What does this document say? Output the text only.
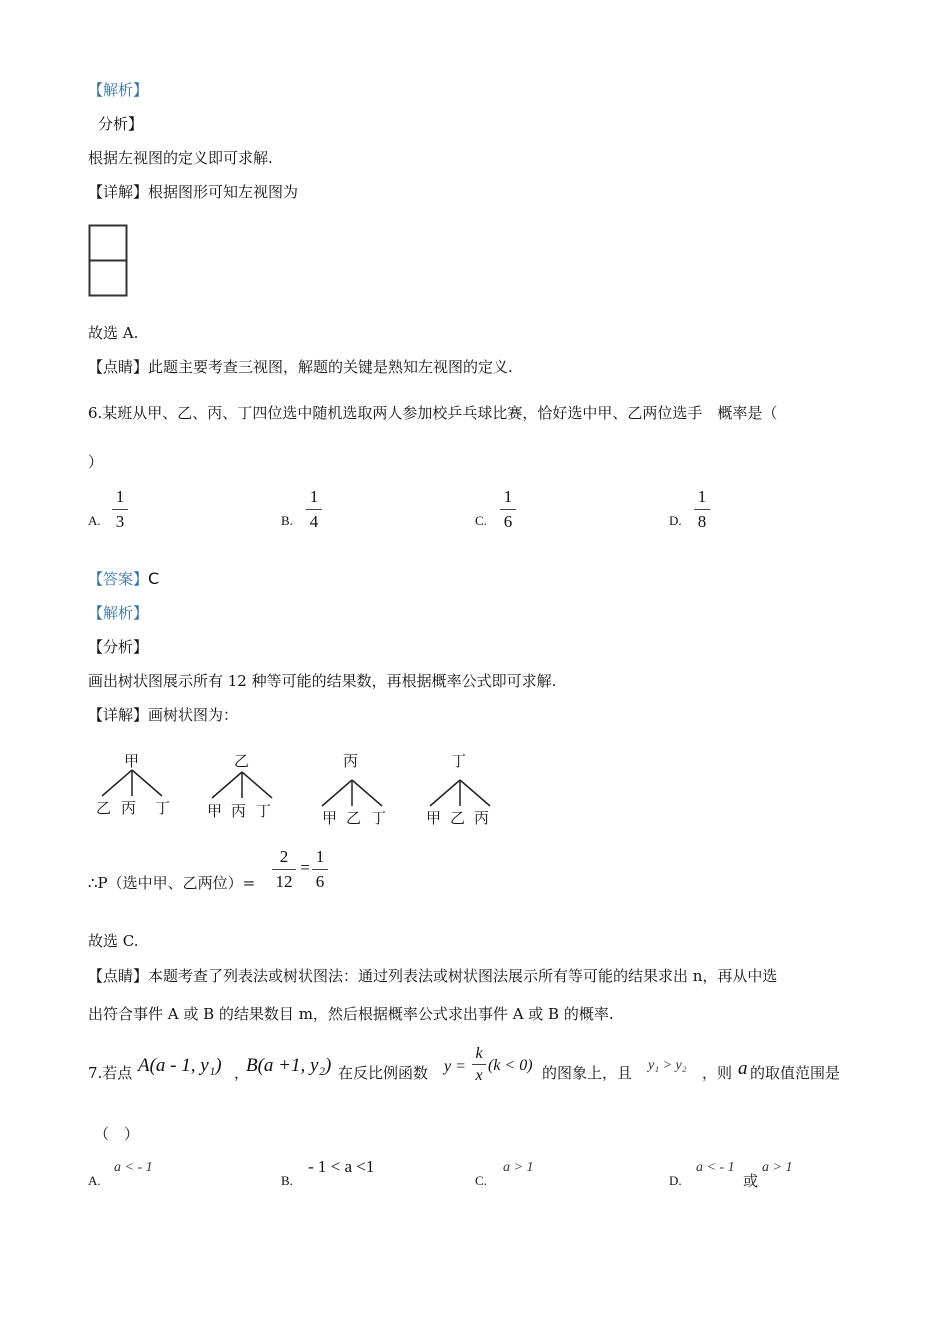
【解析】
分析】
根据左视图的定义即可求解.
【详解】根据图形可知左视图为
故选 A.
【点睛】此题主要考查三视图，解题的关键是熟知左视图的定义.
6.某班从甲、乙、丙、丁四位选中随机选取两人参加校乒乓球比赛，恰好选中甲、乙两位选手　概率是（
）
A.
1
3	B.
1
4	C.
1
6	D.
1
8
【答案】C
【解析】
【分析】
画出树状图展示所有 12 种等可能的结果数，再根据概率公式即可求解.
【详解】画树状图为：
甲
乙 丙 丁
乙
甲 丙 丁
丙
甲 乙 丁
丁
甲 乙 丙
∴P（选中甲、乙两位）=
2
12
=
1
6
故选 C.
【点睛】本题考查了列表法或树状图法：通过列表法或树状图法展示所有等可能的结果求出 n，再从中选
出符合事件 A 或 B 的结果数目 m，然后根据概率公式求出事件 A 或 B 的概率.
7.若点 A(a - 1, y₁) ，
B(a +1, y₂) 在反比例函数 y =
k
x
(k < 0) 的图象上，且 y₁ > y₂ ，则 a 的取值范围是
（　）
A.
a < - 1
B.
- 1 < a <1
C.
a > 1
D.
a < - 1
或
a > 1
